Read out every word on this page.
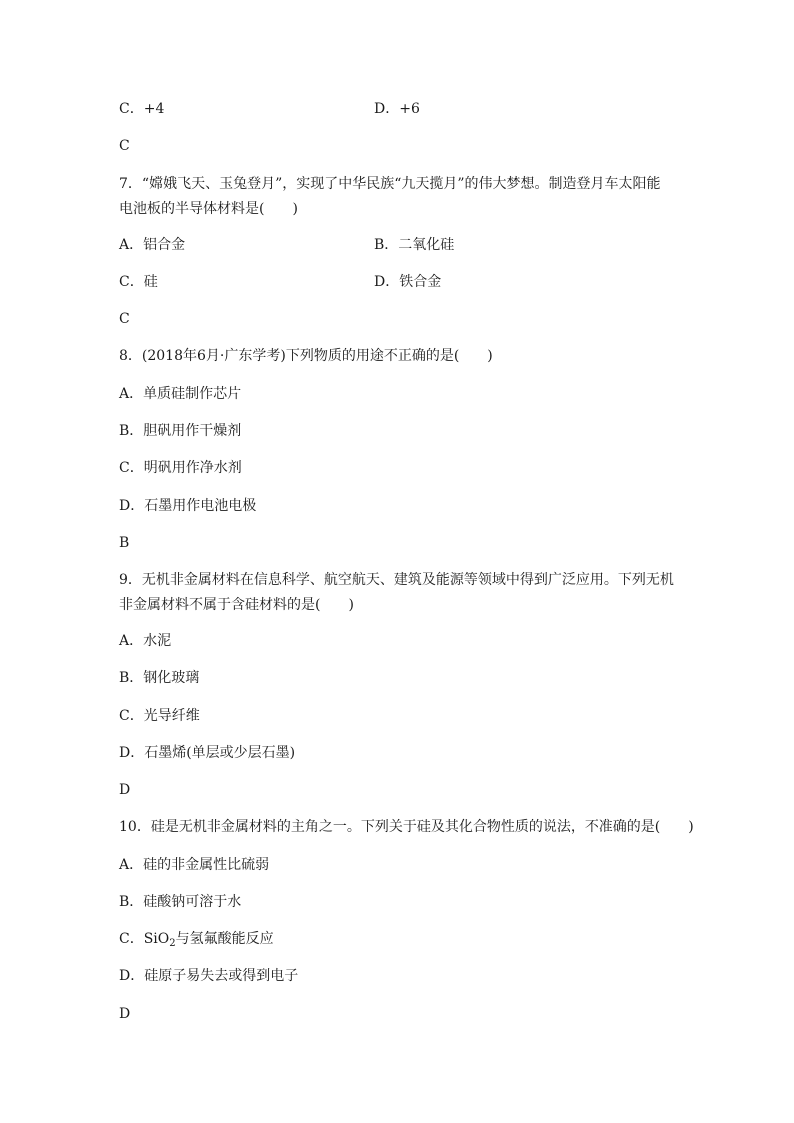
C．+4	D．+6
C
7．“嫦娥飞天、玉兔登月”，实现了中华民族“九天揽月”的伟大梦想。制造登月车太阳能
电池板的半导体材料是(　　)
A．铝合金	B．二氧化硅
C．硅	D．铁合金
C
8．(2018年6月·广东学考)下列物质的用途不正确的是(　　)
A．单质硅制作芯片
B．胆矾用作干燥剂
C．明矾用作净水剂
D．石墨用作电池电极
B
9．无机非金属材料在信息科学、航空航天、建筑及能源等领域中得到广泛应用。下列无机
非金属材料不属于含硅材料的是(　　)
A．水泥
B．钢化玻璃
C．光导纤维
D．石墨烯(单层或少层石墨)
D
10．硅是无机非金属材料的主角之一。下列关于硅及其化合物性质的说法，不准确的是(　　)
A．硅的非金属性比硫弱
B．硅酸钠可溶于水
C．SiO$_2$与氢氟酸能反应
D．硅原子易失去或得到电子
D
